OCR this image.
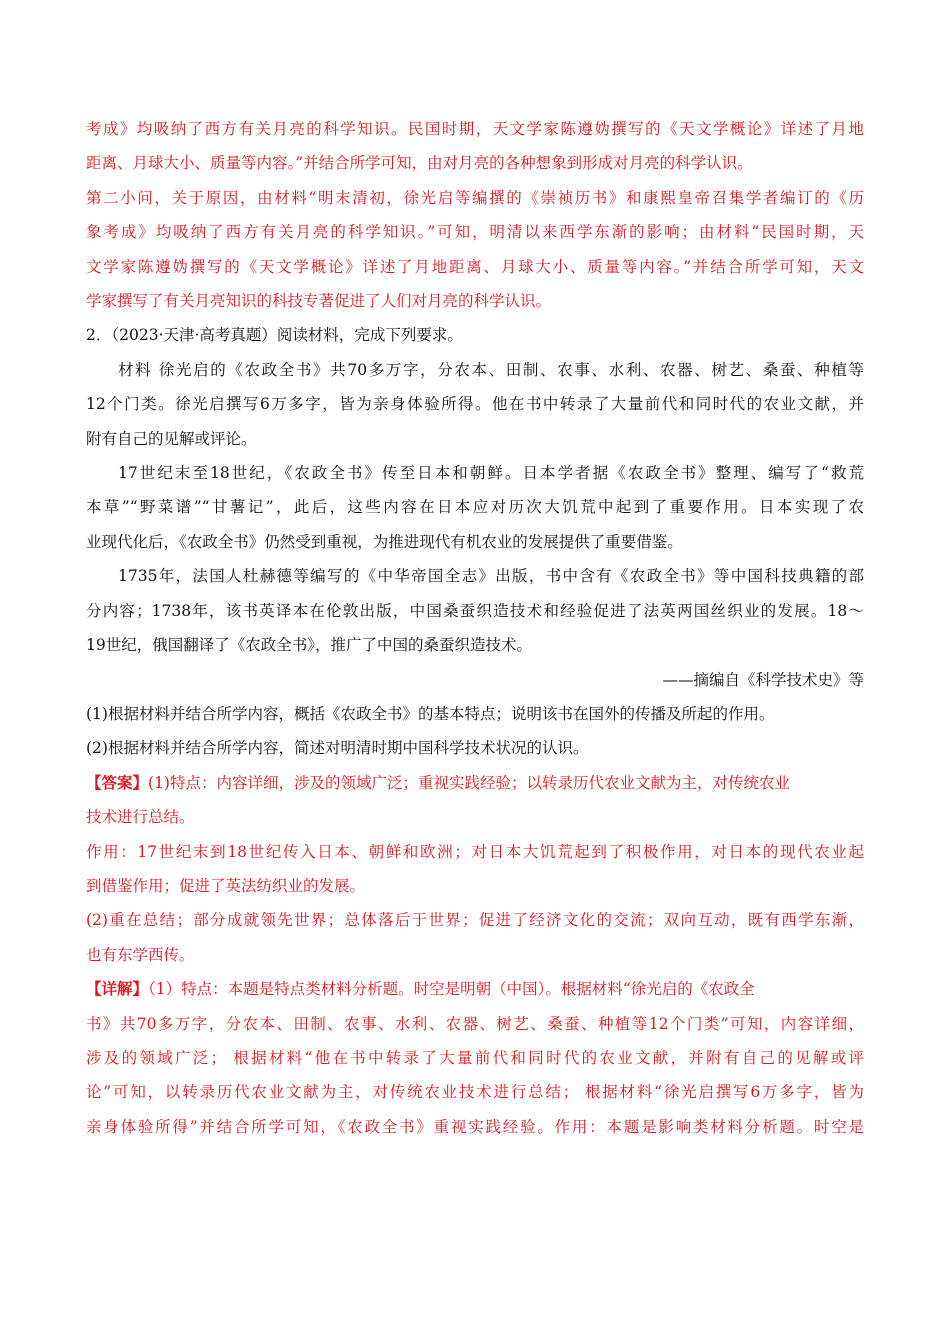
考成》均吸纳了西方有关月亮的科学知识。民国时期，天文学家陈遵妫撰写的《天文学概论》详述了月地
距离、月球大小、质量等内容。”并结合所学可知，由对月亮的各种想象到形成对月亮的科学认识。
第二小问，关于原因，由材料“明末清初，徐光启等编撰的《崇祯历书》和康熙皇帝召集学者编订的《历
象考成》均吸纳了西方有关月亮的科学知识。”可知，明清以来西学东渐的影响；由材料“民国时期，天
文学家陈遵妫撰写的《天文学概论》详述了月地距离、月球大小、质量等内容。”并结合所学可知，天文
学家撰写了有关月亮知识的科技专著促进了人们对月亮的科学认识。
2．（2023·天津·高考真题）阅读材料，完成下列要求。
材料 徐光启的《农政全书》共70多万字，分农本、田制、农事、水利、农器、树艺、桑蚕、种植等
12个门类。徐光启撰写6万多字，皆为亲身体验所得。他在书中转录了大量前代和同时代的农业文献，并
附有自己的见解或评论。
17世纪末至18世纪，《农政全书》传至日本和朝鲜。日本学者据《农政全书》整理、编写了“救荒
本草”“野菜谱”“甘薯记”，此后，这些内容在日本应对历次大饥荒中起到了重要作用。日本实现了农
业现代化后，《农政全书》仍然受到重视，为推进现代有机农业的发展提供了重要借鉴。
1735年，法国人杜赫德等编写的《中华帝国全志》出版，书中含有《农政全书》等中国科技典籍的部
分内容；1738年，该书英译本在伦敦出版，中国桑蚕织造技术和经验促进了法英两国丝织业的发展。18～
19世纪，俄国翻译了《农政全书》，推广了中国的桑蚕织造技术。
——摘编自《科学技术史》等
(1)根据材料并结合所学内容，概括《农政全书》的基本特点；说明该书在国外的传播及所起的作用。
(2)根据材料并结合所学内容，简述对明清时期中国科学技术状况的认识。
【答案】(1)特点：内容详细，涉及的领域广泛；重视实践经验；以转录历代农业文献为主，对传统农业
技术进行总结。
作用：17世纪末到18世纪传入日本、朝鲜和欧洲；对日本大饥荒起到了积极作用，对日本的现代农业起
到借鉴作用；促进了英法纺织业的发展。
(2)重在总结；部分成就领先世界；总体落后于世界；促进了经济文化的交流；双向互动，既有西学东渐，
也有东学西传。
【详解】（1）特点：本题是特点类材料分析题。时空是明朝（中国）。根据材料“徐光启的《农政全
书》共70多万字，分农本、田制、农事、水利、农器、树艺、桑蚕、种植等12个门类”可知，内容详细，
涉及的领域广泛； 根据材料“他在书中转录了大量前代和同时代的农业文献，并附有自己的见解或评
论”可知，以转录历代农业文献为主，对传统农业技术进行总结； 根据材料“徐光启撰写6万多字，皆为
亲身体验所得”并结合所学可知，《农政全书》重视实践经验。作用：本题是影响类材料分析题。时空是
